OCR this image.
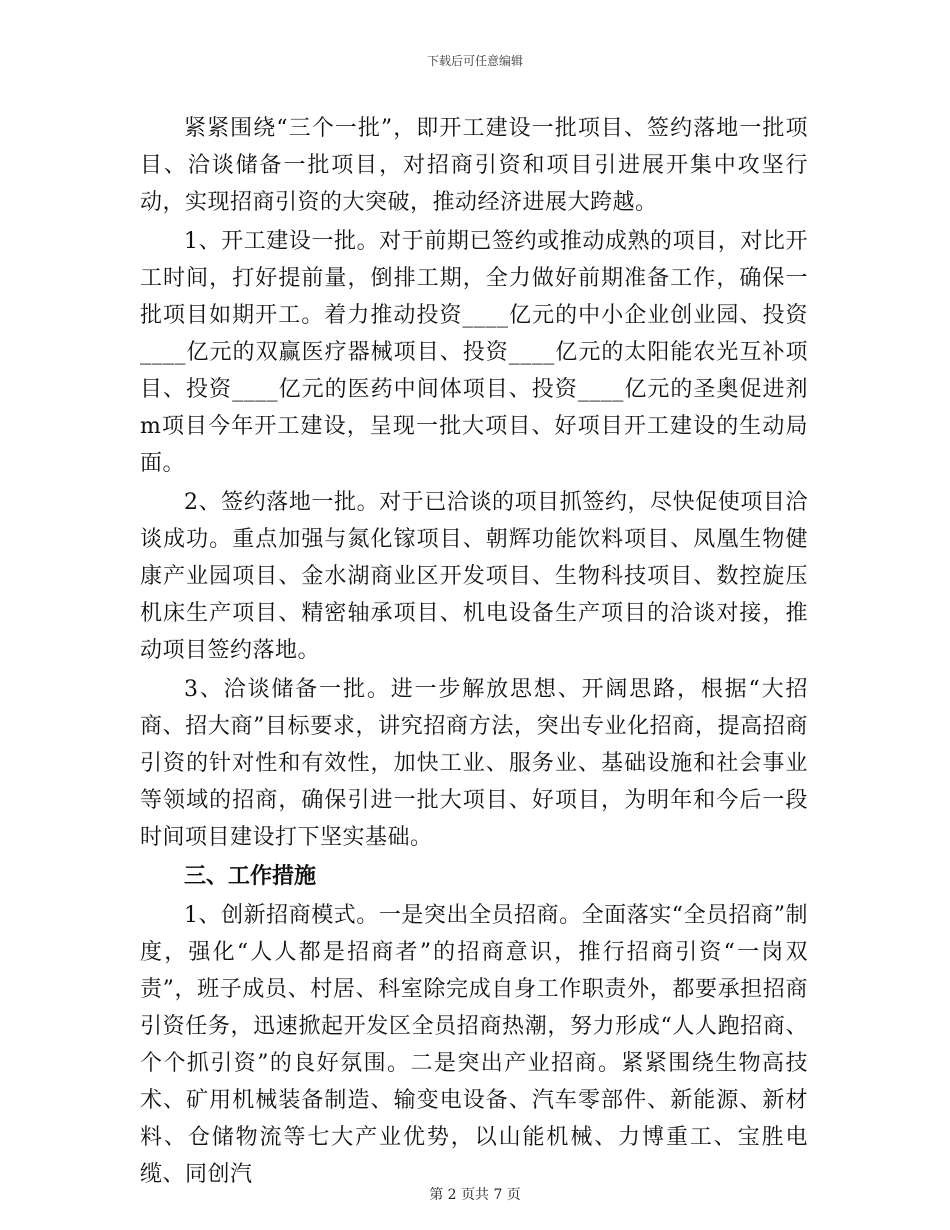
下载后可任意编辑

紧紧围绕“三个一批”，即开工建设一批项目、签约落地一批项目、洽谈储备一批项目，对招商引资和项目引进展开集中攻坚行动，实现招商引资的大突破，推动经济进展大跨越。

1、开工建设一批。对于前期已签约或推动成熟的项目，对比开工时间，打好提前量，倒排工期，全力做好前期准备工作，确保一批项目如期开工。着力推动投资____亿元的中小企业创业园、投资____亿元的双赢医疗器械项目、投资____亿元的太阳能农光互补项目、投资____亿元的医药中间体项目、投资____亿元的圣奥促进剂m项目今年开工建设，呈现一批大项目、好项目开工建设的生动局面。

2、签约落地一批。对于已洽谈的项目抓签约，尽快促使项目洽谈成功。重点加强与氮化镓项目、朝辉功能饮料项目、凤凰生物健康产业园项目、金水湖商业区开发项目、生物科技项目、数控旋压机床生产项目、精密轴承项目、机电设备生产项目的洽谈对接，推动项目签约落地。

3、洽谈储备一批。进一步解放思想、开阔思路，根据“大招商、招大商”目标要求，讲究招商方法，突出专业化招商，提高招商引资的针对性和有效性，加快工业、服务业、基础设施和社会事业等领域的招商，确保引进一批大项目、好项目，为明年和今后一段时间项目建设打下坚实基础。

三、工作措施

1、创新招商模式。一是突出全员招商。全面落实“全员招商”制度，强化“人人都是招商者”的招商意识，推行招商引资“一岗双责”，班子成员、村居、科室除完成自身工作职责外，都要承担招商引资任务，迅速掀起开发区全员招商热潮，努力形成“人人跑招商、个个抓引资”的良好氛围。二是突出产业招商。紧紧围绕生物高技术、矿用机械装备制造、输变电设备、汽车零部件、新能源、新材料、仓储物流等七大产业优势，以山能机械、力博重工、宝胜电缆、同创汽

第 2 页共 7 页
